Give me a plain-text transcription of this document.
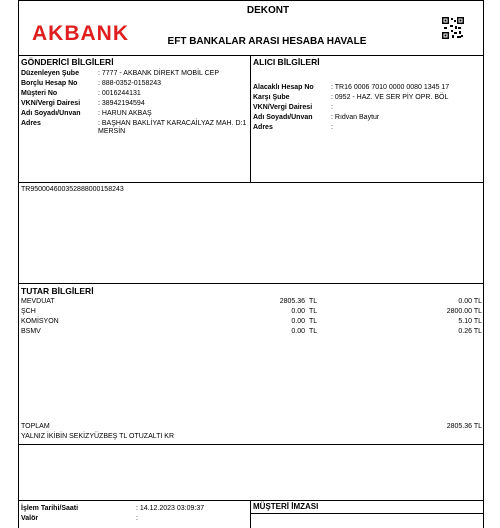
AKBANK
DEKONT
EFT BANKALAR ARASI HESABA HAVALE
GÖNDERİCİ BİLGİLERİ
Düzenleyen Şube	: 7777 - AKBANK DİREKT MOBİL CEP
Borçlu Hesap No	: 888-0352-0158243
Müşteri No	: 0016244131
VKN/Vergi Dairesi	: 38942194594
Adı Soyadı/Unvan : HARUN AKBAŞ
Adres	: BAŞHAN BAKLİYAT KARACAİLYAZ MAH. D:1 MERSİN
ALICI BİLGİLERİ
Alacaklı Hesap No : TR16 0006 7010 0000 0080 1345 17
Karşı Şube	: 0952 - HAZ. VE SER PİY OPR. BÖL
VKN/Vergi Dairesi	:
Adı Soyadı/Unvan	: Rıdvan Baytur
Adres	:
TR950004600352888000158243
TUTAR BİLGİLERİ
MEVDUAT	2805.36 TL	0.00 TL
ŞCH	0.00 TL	2800.00 TL
KOMİSYON	0.00 TL	5.10 TL
BSMV	0.00 TL	0.26 TL
TOPLAM	2805.36 TL
YALNIZ İKİBİN SEKİZYÜZBEŞ TL OTUZALTI KR
İşlem Tarihi/Saati	: 14.12.2023 03:09:37
Valör	:
MÜŞTERİ İMZASI
